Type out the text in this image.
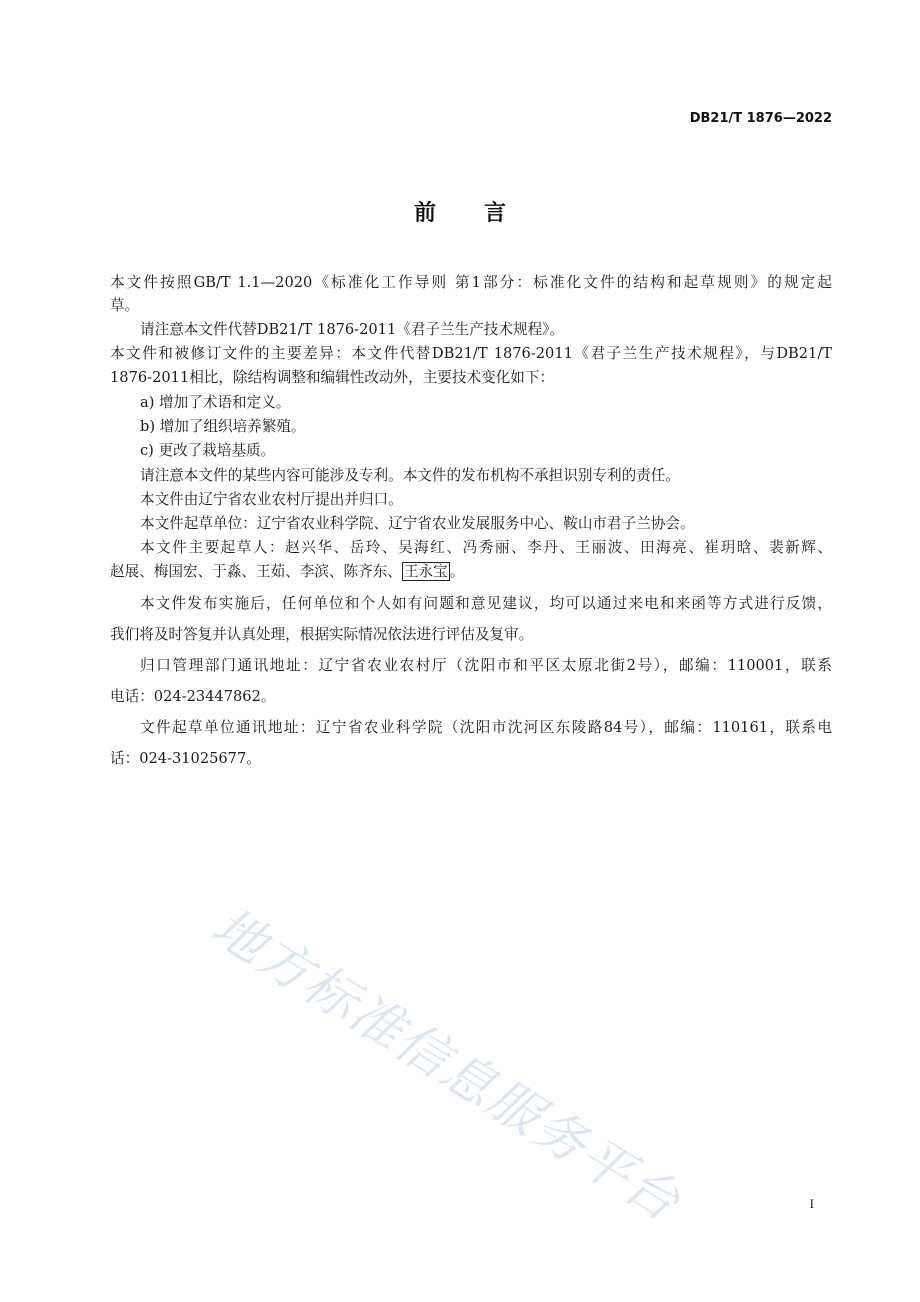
DB21/T 1876—2022
前言
本文件按照GB/T 1.1—2020《标准化工作导则 第1部分：标准化文件的结构和起草规则》的规定起
草。
请注意本文件代替DB21/T 1876-2011《君子兰生产技术规程》。
本文件和被修订文件的主要差异：本文件代替DB21/T 1876-2011《君子兰生产技术规程》，与DB21/T
1876-2011相比，除结构调整和编辑性改动外，主要技术变化如下：
a) 增加了术语和定义。
b) 增加了组织培养繁殖。
c) 更改了栽培基质。
请注意本文件的某些内容可能涉及专利。本文件的发布机构不承担识别专利的责任。
本文件由辽宁省农业农村厅提出并归口。
本文件起草单位：辽宁省农业科学院、辽宁省农业发展服务中心、鞍山市君子兰协会。
本文件主要起草人：赵兴华、岳玲、吴海红、冯秀丽、李丹、王丽波、田海亮、崔玥晗、裴新辉、
赵展、梅国宏、于淼、王茹、李滨、陈齐东、 王永宝 。
本文件发布实施后，任何单位和个人如有问题和意见建议，均可以通过来电和来函等方式进行反馈，
我们将及时答复并认真处理，根据实际情况依法进行评估及复审。
归口管理部门通讯地址：辽宁省农业农村厅（沈阳市和平区太原北街2号），邮编：110001，联系
电话：024-23447862。
文件起草单位通讯地址：辽宁省农业科学院（沈阳市沈河区东陵路84号），邮编：110161，联系电
话：024-31025677。
地方标准信息服务平台	I
